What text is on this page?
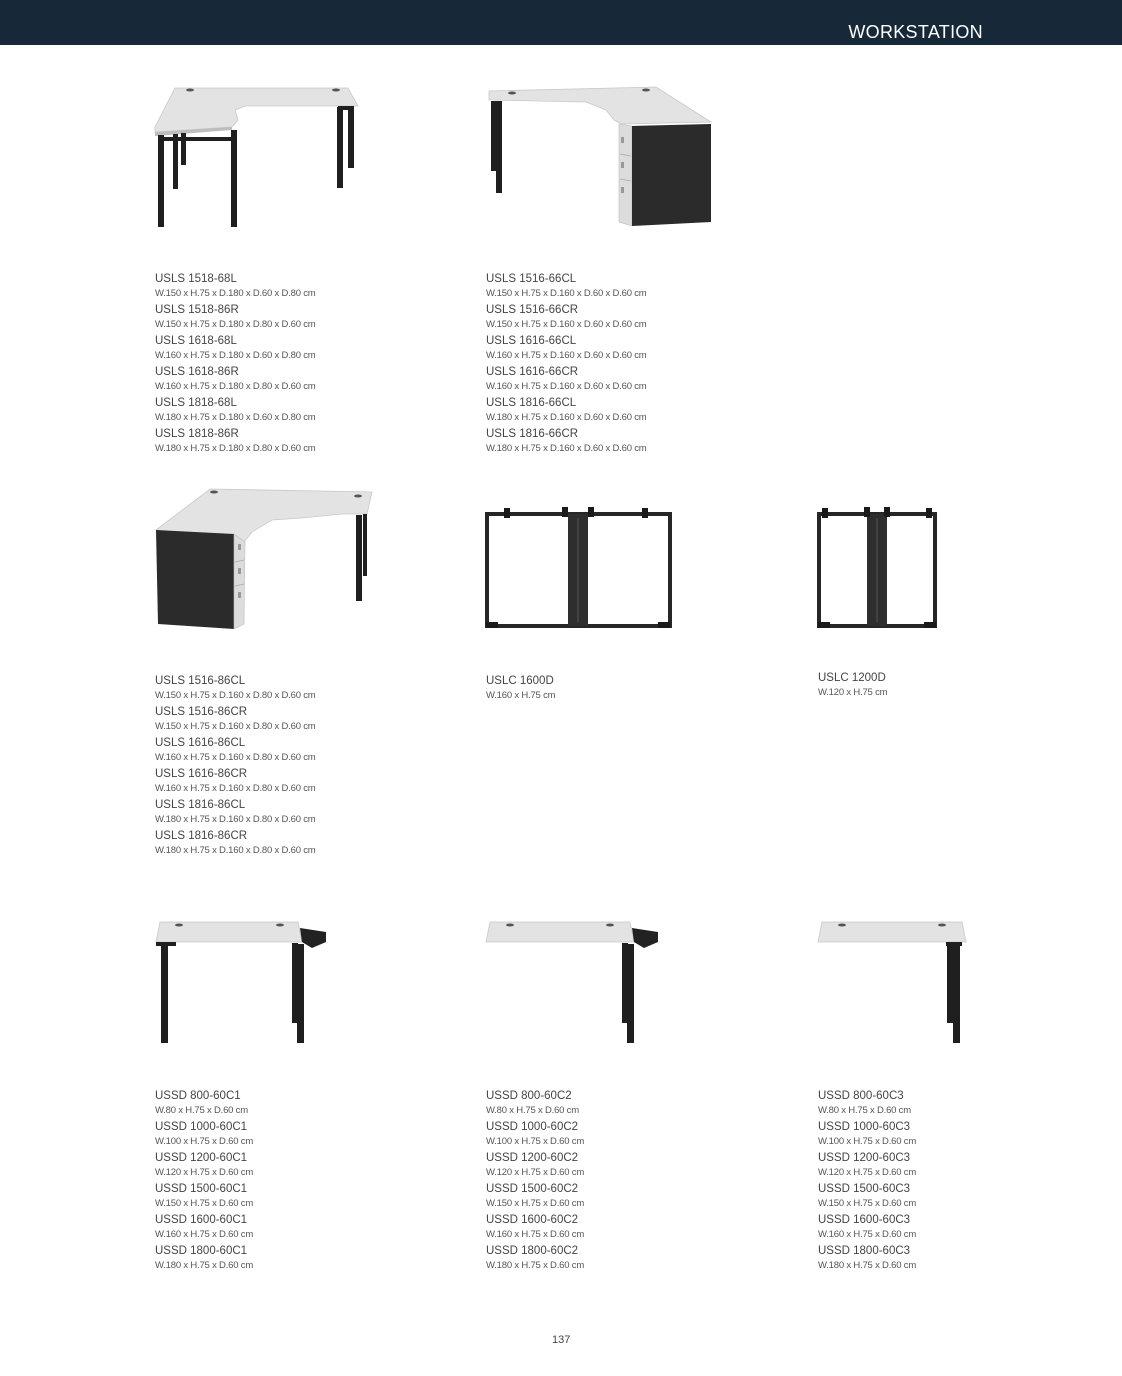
WORKSTATION
USLS 1518-68L
W.150 x H.75 x D.180 x D.60 x D.80 cm
USLS 1518-86R
W.150 x H.75 x D.180 x D.80 x D.60 cm
USLS 1618-68L
W.160 x H.75 x D.180 x D.60 x D.80 cm
USLS 1618-86R
W.160 x H.75 x D.180 x D.80 x D.60 cm
USLS 1818-68L
W.180 x H.75 x D.180 x D.60 x D.80 cm
USLS 1818-86R
W.180 x H.75 x D.180 x D.80 x D.60 cm
USLS 1516-66CL
W.150 x H.75 x D.160 x D.60 x D.60 cm
USLS 1516-66CR
W.150 x H.75 x D.160 x D.60 x D.60 cm
USLS 1616-66CL
W.160 x H.75 x D.160 x D.60 x D.60 cm
USLS 1616-66CR
W.160 x H.75 x D.160 x D.60 x D.60 cm
USLS 1816-66CL
W.180 x H.75 x D.160 x D.60 x D.60 cm
USLS 1816-66CR
W.180 x H.75 x D.160 x D.60 x D.60 cm
USLS 1516-86CL
W.150 x H.75 x D.160 x D.80 x D.60 cm
USLS 1516-86CR
W.150 x H.75 x D.160 x D.80 x D.60 cm
USLS 1616-86CL
W.160 x H.75 x D.160 x D.80 x D.60 cm
USLS 1616-86CR
W.160 x H.75 x D.160 x D.80 x D.60 cm
USLS 1816-86CL
W.180 x H.75 x D.160 x D.80 x D.60 cm
USLS 1816-86CR
W.180 x H.75 x D.160 x D.80 x D.60 cm
USLC 1600D
W.160 x H.75 cm
USLC 1200D
W.120 x H.75 cm
USSD 800-60C1
W.80 x H.75 x D.60 cm
USSD 1000-60C1
W.100 x H.75 x D.60 cm
USSD 1200-60C1
W.120 x H.75 x D.60 cm
USSD 1500-60C1
W.150 x H.75 x D.60 cm
USSD 1600-60C1
W.160 x H.75 x D.60 cm
USSD 1800-60C1
W.180 x H.75 x D.60 cm
USSD 800-60C2
W.80 x H.75 x D.60 cm
USSD 1000-60C2
W.100 x H.75 x D.60 cm
USSD 1200-60C2
W.120 x H.75 x D.60 cm
USSD 1500-60C2
W.150 x H.75 x D.60 cm
USSD 1600-60C2
W.160 x H.75 x D.60 cm
USSD 1800-60C2
W.180 x H.75 x D.60 cm
USSD 800-60C3
W.80 x H.75 x D.60 cm
USSD 1000-60C3
W.100 x H.75 x D.60 cm
USSD 1200-60C3
W.120 x H.75 x D.60 cm
USSD 1500-60C3
W.150 x H.75 x D.60 cm
USSD 1600-60C3
W.160 x H.75 x D.60 cm
USSD 1800-60C3
W.180 x H.75 x D.60 cm
137
